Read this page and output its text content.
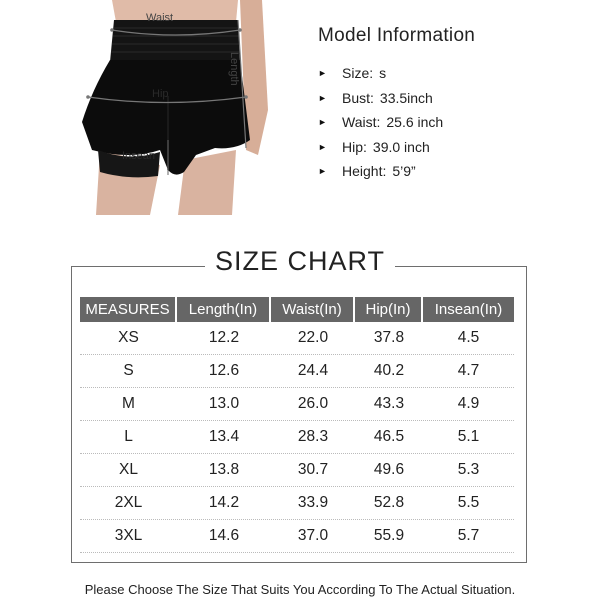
Waist
Length
Hip
Insean
Model Information
►	Size: s
►	Bust: 33.5inch
►	Waist: 25.6 inch
►	Hip: 39.0 inch
►	Height: 5’9”
SIZE CHART
MEASURES	Length(In)	Waist(In)	Hip(In)	Insean(In)
XS	12.2	22.0	37.8	4.5
S	12.6	24.4	40.2	4.7
M	13.0	26.0	43.3	4.9
L	13.4	28.3	46.5	5.1
XL	13.8	30.7	49.6	5.3
2XL	14.2	33.9	52.8	5.5
3XL	14.6	37.0	55.9	5.7
Please Choose The Size That Suits You According To The Actual Situation.
